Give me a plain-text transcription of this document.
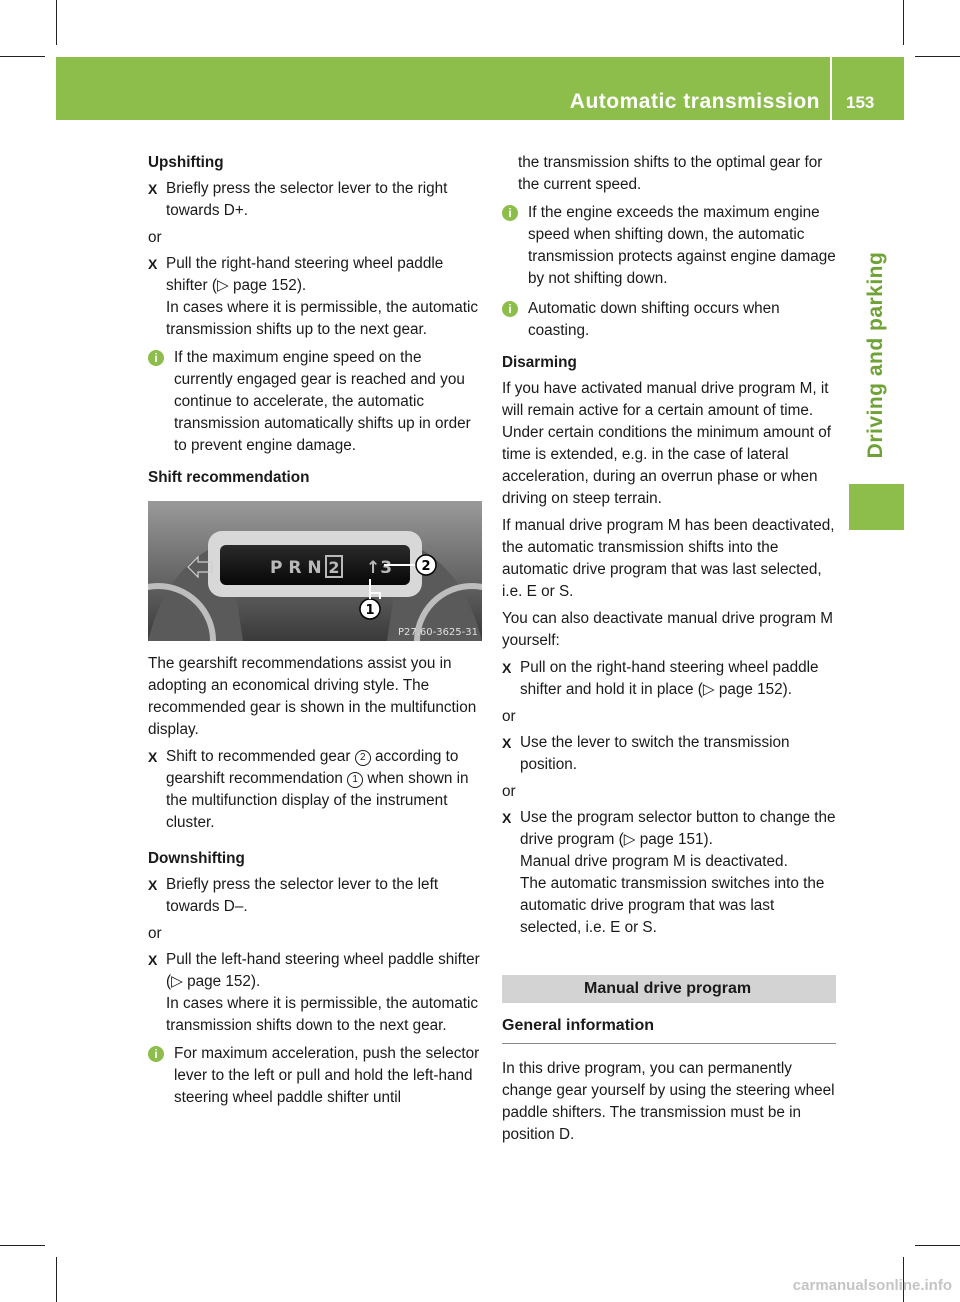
Automatic transmission 153
Driving and parking
Upshifting
X Briefly press the selector lever to the right towards D+.
or
X Pull the right-hand steering wheel paddle shifter (▷ page 152).
In cases where it is permissible, the automatic transmission shifts up to the next gear.
i	If the maximum engine speed on the currently engaged gear is reached and you continue to accelerate, the automatic transmission automatically shifts up in order to prevent engine damage.
Shift recommendation
P R N 2 ↑3 2
1
P27.60-3625-31

The gearshift recommendations assist you in adopting an economical driving style. The recommended gear is shown in the multifunction display.

X Shift to recommended gear 2 according to gearshift recommendation 1 when shown in the multifunction display of the instrument cluster.
Downshifting
X Briefly press the selector lever to the left towards D–.
or
X Pull the left-hand steering wheel paddle shifter (▷ page 152).
In cases where it is permissible, the automatic transmission shifts down to the next gear.
i	For maximum acceleration, push the selector lever to the left or pull and hold the left-hand steering wheel paddle shifter until

the transmission shifts to the optimal gear for the current speed.

i	If the engine exceeds the maximum engine speed when shifting down, the automatic transmission protects against engine damage by not shifting down.
i	Automatic down shifting occurs when coasting.
Disarming

If you have activated manual drive program M, it will remain active for a certain amount of time. Under certain conditions the minimum amount of time is extended, e.g. in the case of lateral acceleration, during an overrun phase or when driving on steep terrain.

If manual drive program M has been deactivated, the automatic transmission shifts into the automatic drive program that was last selected, i.e. E or S.

You can also deactivate manual drive program M yourself:

X Pull on the right-hand steering wheel paddle shifter and hold it in place (▷ page 152).
or
X Use the lever to switch the transmission position.
or
X Use the program selector button to change the drive program (▷ page 151).
Manual drive program M is deactivated.
The automatic transmission switches into the automatic drive program that was last selected, i.e. E or S.
Manual drive program
General information

In this drive program, you can permanently change gear yourself by using the steering wheel paddle shifters. The transmission must be in position D.

carmanualsonline.info
